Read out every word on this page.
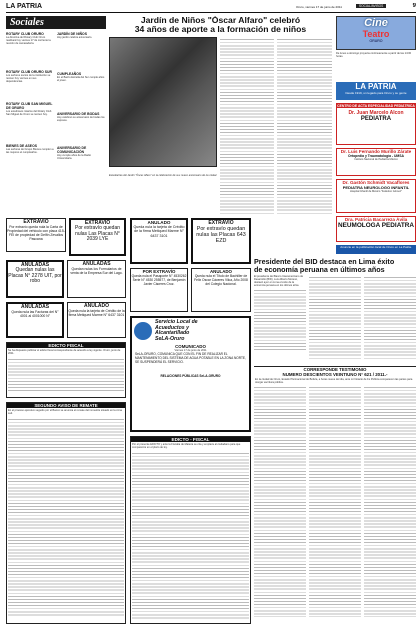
LA PATRIA	Oruro, viernes 17 de junio de 2011	SOCIAL/AVISOS	9
Sociales
ROTARY CLUB ORURO
La directiva del Rotary Club Oruro realizará hoy viernes 17 de corriente la reunión de camaradería.
ROTARY CLUB ORURO SUR
Los señores socios de la institución se reúnen hoy viernes en sus dependencias.
ROTARY CLUB SAN MIGUEL DE ORURO
Los estudiosos rotarios del Rotary Club San Miguel de Oruro se reúnen hoy.
BIENES DE ASEOS
Las señoras del Grupo Bienes cumplen a las mejores el cumpleaños.
JARDÍN DE NIÑOS
Hoy jardín celebra aniversario.
CUMPLEAÑOS
En el Barrio Estrella del Sur cumple años el joven.
ANIVERSARIO DE BODAS
Hoy celebran su aniversario de bodas los esposos.
ANIVERSARIO DE COMUNICACIÓN
Hoy cumple años de la Radio Universitaria.
Jardín de Niños "Óscar Alfaro" celebró
34 años de aporte a la formación de niños
Estudiantes del Jardín "Óscar Alfaro" en la celebración de sus nuevo aniversario de la unidad.
Cine
Teatro
ORURO
De lunes a domingo proyecta continuamente a partir de las 14:00 horas.
LA PATRIA
Desde 1919, un legado para Oruro y su gente
CENTRO DE ACTA ESPECIALIDAD PEDIÁTRICA
Dr. Juan Marcelo Alcon
PEDIATRA
Dr. Luis Fernando Murillo Zárate
Ortopedia y Traumatología - UMSA
Instituto Nacional de Pediatría México
Dr. Gastón Schmidt Vacaflores
PEDIATRA NEUROLOGO INFANTIL
Hospital Infantil de México "Federico Gómez"
Dra. Patricia Bacarreza Ávila
NEUMOLOGA PEDIATRA
Anuncie en la publicación local de Oruro en La Patria.
EXTRAVÍO
Por extravío queda nula la Carta de Propiedad del vehículo con placa 415-FEI de propiedad de Delfín Zevallos Pascana
EXTRAVÍO
Por extravío quedan nulas Las Placas N° 2039 LYE
ANULADAS
Quedan nulas las Placas N° 2278 UIT, por robo
ANULADAS
Quedan nulas los Formularios de venta de la Empresa Sur del Lago.
ANULADAS
Queda nula las Facturas del N° 4001 al 4001000 N°
ANULADO
Queda nula la tarjeta de Crédito de la firma Metiqued Marme N° 6437 3101
ANULADO
Queda nula la tarjeta de Crédito de la firma Metiqued Marme N° 6437 3101
EXTRAVÍO
Por extravío quedan nulas las Placas 643 EZD
POR EXTRAVÍO
Queda nula el Pasaporte N° 4530262 Serie N° 4530 255577, de Benjamín Javier Cáceres Cruz.
ANULADO
Queda nula el Título de Bachiller de Felix Oscar Cáceres Vilca, Año 2008 del Colegio Nacional.
EDICTO FISCAL
Se ha dispuesto publicar el edicto fiscal correspondiente de acuerdo a ley vigente. Oruro, junio de 2011.
SEGUNDO AVISO DE REMATE
En el proceso ejecutivo seguido por el Banco se anuncia el remate del inmueble situado en la zona sud.
Servicio Local de
Acueductos y
Alcantarillado
SeLA-Oruro
COMUNICADO
Viernes 17 de junio de 2011
SeLA-ORURO, COMUNICA QUE CON EL FIN DE REALIZAR EL MANTENIMIENTO DEL SISTEMA DE AGUA POTABLE EN LA ZONA NORTE, SE SUSPENDERÁ EL SERVICIO.
RELACIONES PÚBLICAS SeLA-ORURO
EDICTO - FISCAL
Por el presente EDICTO y ante la Fiscalía de Materia se cita y emplaza al ciudadano para que comparezca en el plazo de ley.
Presidente del BID destaca en Lima éxito
de economía peruana en últimos años
El presidente del Banco Interamericano de Desarrollo (BID), Luis Alberto Moreno, destacó ayer en Lima el éxito de la economía peruana en los últimos años.
CORRESPONDE TESTIMONIO
NUMERO DESCIENTOS VEINTIUNO N° 621 / 2011.-
En la ciudad de Oruro, Estado Plurinacional de Bolivia, a horas nueve del día, ante mí Notario de Fe Pública comparecen las partes para otorgar escritura pública.
